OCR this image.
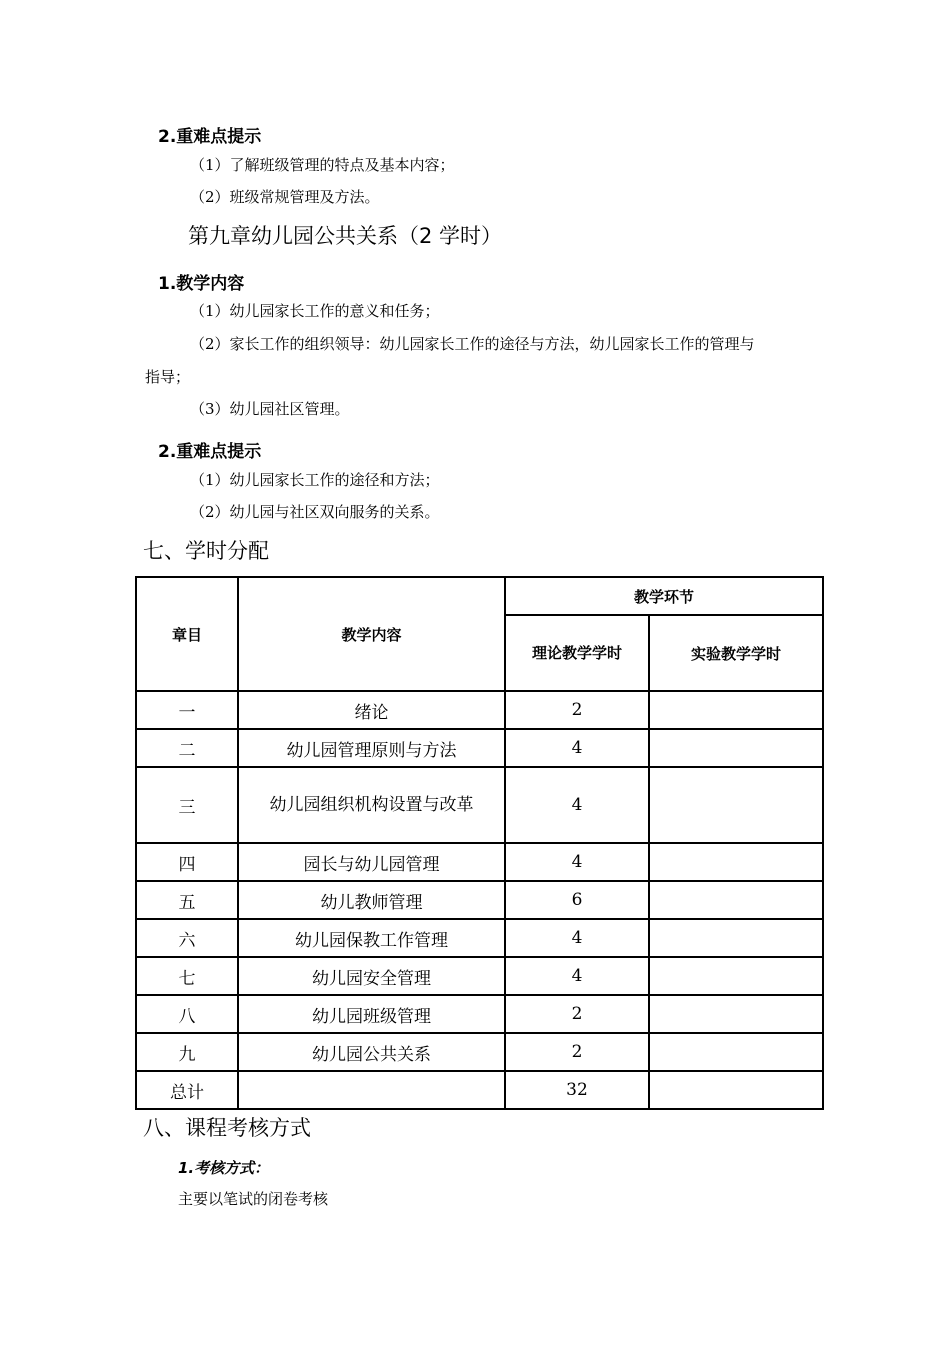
2.重难点提示
（1）了解班级管理的特点及基本内容；
（2）班级常规管理及方法。
第九章幼儿园公共关系（2 学时）
1.教学内容
（1）幼儿园家长工作的意义和任务；
（2）家长工作的组织领导：幼儿园家长工作的途径与方法，幼儿园家长工作的管理与
指导；
（3）幼儿园社区管理。
2.重难点提示
（1）幼儿园家长工作的途径和方法；
（2）幼儿园与社区双向服务的关系。
七、学时分配
章目	教学内容	教学环节	

		理论教学学时	实验教学学时
一	绪论	2	
二	幼儿园管理原则与方法	4	
三	幼儿园组织机构设置与改革	4	
四	园长与幼儿园管理	4	
五	幼儿教师管理	6	
六	幼儿园保教工作管理	4	
七	幼儿园安全管理	4	
八	幼儿园班级管理	2	
九	幼儿园公共关系	2	
总计		32	
八、课程考核方式
1.考核方式：
主要以笔试的闭卷考核
